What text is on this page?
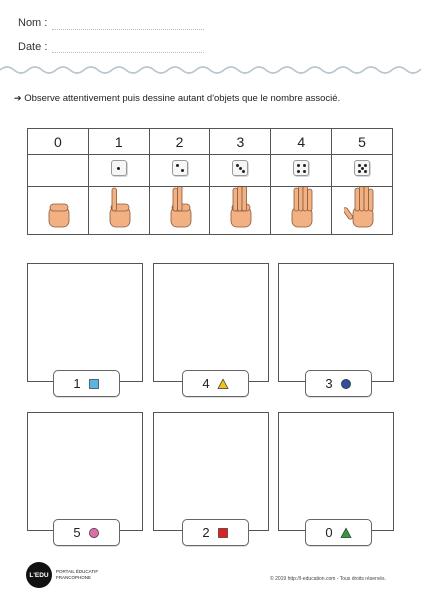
Nom :
Date :
➔ Observe attentivement puis dessine autant d'objets que le nombre associé.
0	1	2	3	4	5

1	4	3
5	2	0
L'EDU PORTAIL ÉDUCATIF
FRANCOPHONE	© 2019 http://l-education.com - Tous droits réservés.
